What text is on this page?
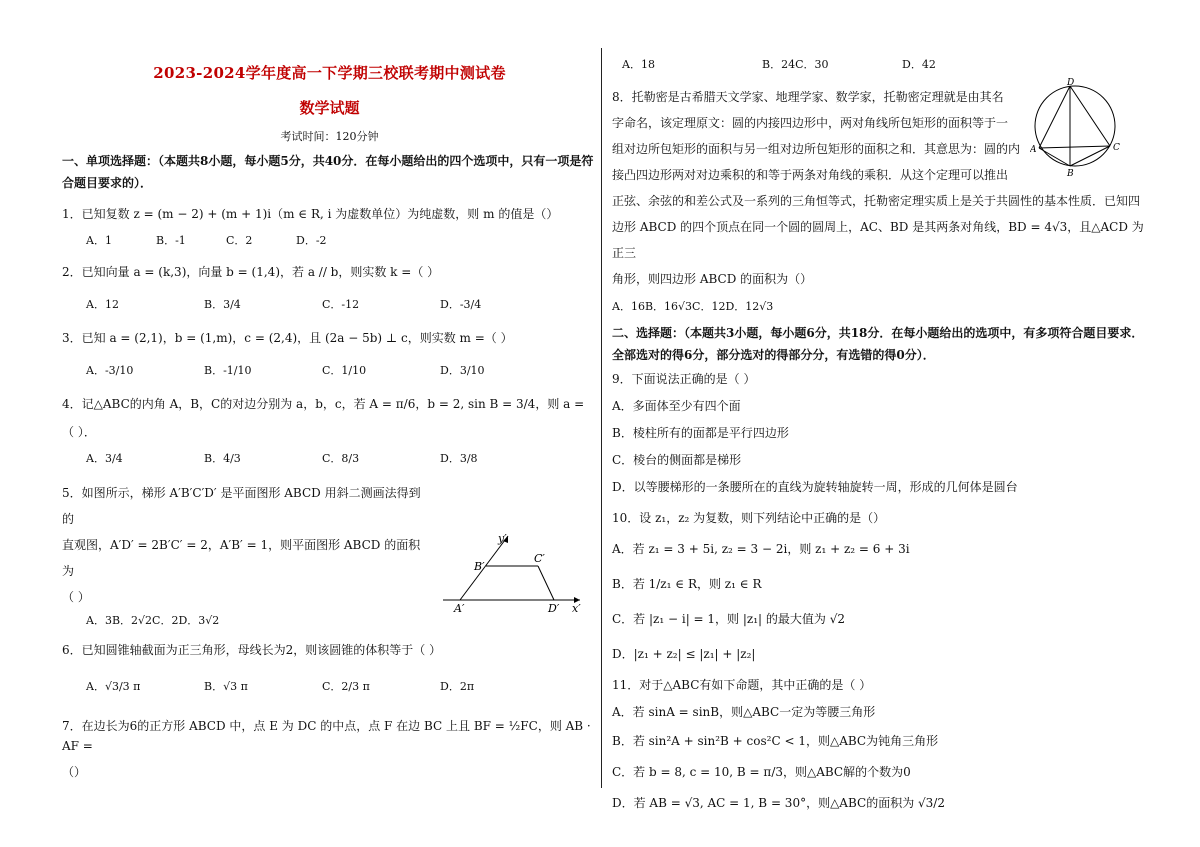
2023-2024学年度高一下学期三校联考期中测试卷
数学试题
考试时间：120分钟
一、单项选择题：（本题共8小题，每小题5分，共40分．在每小题给出的四个选项中，只有一项是符合题目要求的）．
1．已知复数 z = (m − 2) + (m + 1)i（m ∈ R, i 为虚数单位）为纯虚数，则 m 的值是（）
A．1	B．-1	C．2	D．-2
2．已知向量 a = (k,3)，向量 b = (1,4)，若 a // b，则实数 k =（ ）
A．12	B．3/4	C．-12	D．-3/4
3．已知 a = (2,1)，b = (1,m)，c = (2,4)，且 (2a − 5b) ⊥ c，则实数 m =（ ）
A．-3/10	B．-1/10	C．1/10	D．3/10
4．记△ABC的内角 A，B，C的对边分别为 a，b，c，若 A = π/6，b = 2, sin B = 3/4，则 a =
（ ）．
A．3/4	B．4/3	C．8/3	D．3/8
5．如图所示，梯形 A′B′C′D′ 是平面图形 ABCD 用斜二测画法得到的
直观图，A′D′ = 2B′C′ = 2，A′B′ = 1，则平面图形 ABCD 的面积为
（ ）
A．3B．2√2C．2D．3√2
6．已知圆锥轴截面为正三角形，母线长为2，则该圆锥的体积等于（ ）
A．√3/3 π	B．√3 π	C．2/3 π	D．2π
7．在边长为6的正方形 ABCD 中，点 E 为 DC 的中点，点 F 在边 BC 上且 BF = ½FC，则 AB · AF =
（）
y′
x′
A′
B′
C′
D′
A．18	B．24C．30	D．42
8．托勒密是古希腊天文学家、地理学家、数学家，托勒密定理就是由其名
字命名，该定理原文：圆的内接四边形中，两对角线所包矩形的面积等于一
组对边所包矩形的面积与另一组对边所包矩形的面积之和．其意思为：圆的内
接凸四边形两对对边乘积的和等于两条对角线的乘积．从这个定理可以推出
正弦、余弦的和差公式及一系列的三角恒等式，托勒密定理实质上是关于共圆性的基本性质．已知四
边形 ABCD 的四个顶点在同一个圆的圆周上，AC、BD 是其两条对角线，BD = 4√3，且△ACD 为正三
角形，则四边形 ABCD 的面积为（）
A．16B．16√3C．12D．12√3
二、选择题：（本题共3小题，每小题6分，共18分．在每小题给出的选项中，有多项符合题目要求．全部选对的得6分，部分选对的得部分分，有选错的得0分）．
9．下面说法正确的是（ ）
A．多面体至少有四个面
B．棱柱所有的面都是平行四边形
C．棱台的侧面都是梯形
D．以等腰梯形的一条腰所在的直线为旋转轴旋转一周，形成的几何体是圆台
10．设 z₁，z₂ 为复数，则下列结论中正确的是（）
A．若 z₁ = 3 + 5i, z₂ = 3 − 2i，则 z₁ + z₂ = 6 + 3i
B．若 1/z₁ ∈ R，则 z₁ ∈ R
C．若 |z₁ − i| = 1，则 |z₁| 的最大值为 √2
D．|z₁ + z₂| ≤ |z₁| + |z₂|
11．对于△ABC有如下命题，其中正确的是（ ）
A．若 sinA = sinB，则△ABC一定为等腰三角形
B．若 sin²A + sin²B + cos²C < 1，则△ABC为钝角三角形
C．若 b = 8, c = 10, B = π/3，则△ABC解的个数为0
D．若 AB = √3, AC = 1, B = 30°，则△ABC的面积为 √3/2
D
A	C
B
